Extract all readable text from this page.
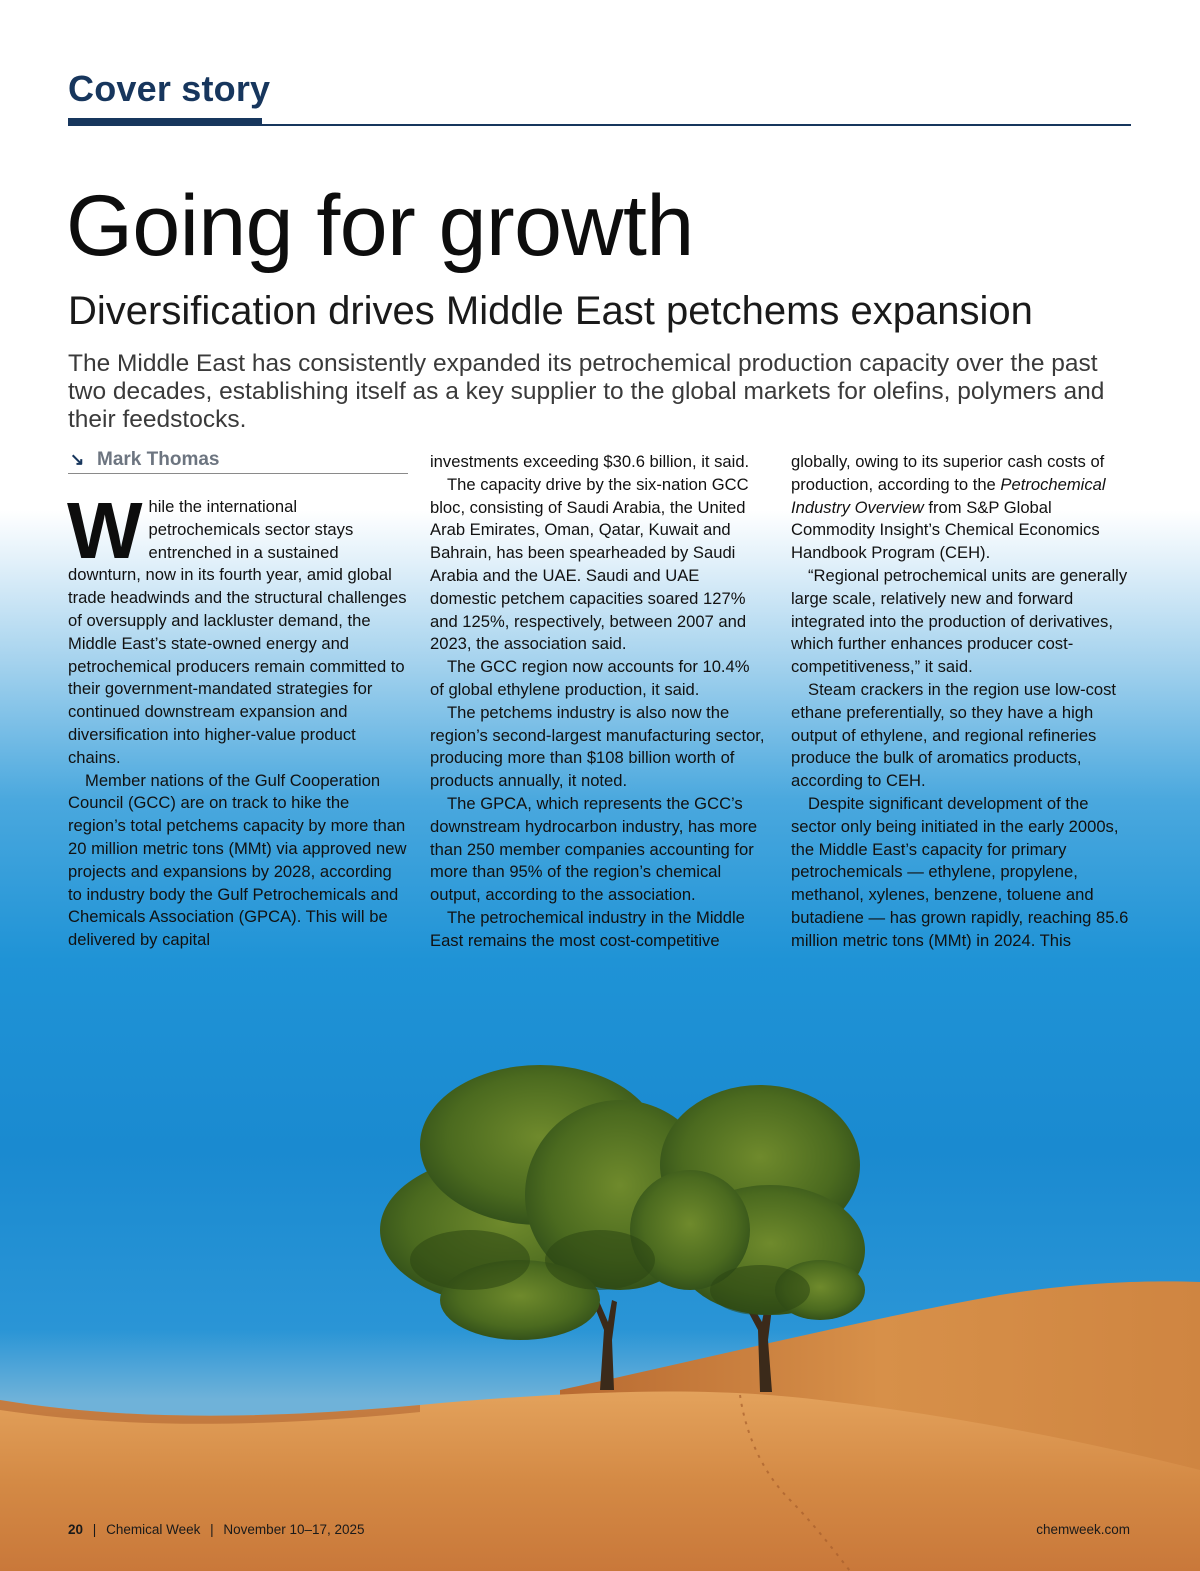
Cover story
Going for growth
Diversification drives Middle East petchems expansion

The Middle East has consistently expanded its petrochemical production capacity over the past two decades, establishing itself as a key supplier to the global markets for olefins, polymers and their feedstocks.

↘ Mark Thomas

While the international petrochemicals sector stays entrenched in a sustained downturn, now in its fourth year, amid global trade headwinds and the structural challenges of oversupply and lackluster demand, the Middle East’s state-owned energy and petrochemical producers remain committed to their government-mandated strategies for continued downstream expansion and diversification into higher-value product chains.

Member nations of the Gulf Cooperation Council (GCC) are on track to hike the region’s total petchems capacity by more than 20 million metric tons (MMt) via approved new projects and expansions by 2028, according to industry body the Gulf Petrochemicals and Chemicals Association (GPCA). This will be delivered by capital

investments exceeding $30.6 billion, it said.

The capacity drive by the six-nation GCC bloc, consisting of Saudi Arabia, the United Arab Emirates, Oman, Qatar, Kuwait and Bahrain, has been spearheaded by Saudi Arabia and the UAE. Saudi and UAE domestic petchem capacities soared 127% and 125%, respectively, between 2007 and 2023, the association said.

The GCC region now accounts for 10.4% of global ethylene production, it said.

The petchems industry is also now the region’s second-largest manufacturing sector, producing more than $108 billion worth of products annually, it noted.

The GPCA, which represents the GCC’s downstream hydrocarbon industry, has more than 250 member companies accounting for more than 95% of the region’s chemical output, according to the association.

The petrochemical industry in the Middle East remains the most cost-competitive

globally, owing to its superior cash costs of production, according to the Petrochemical Industry Overview from S&P Global Commodity Insight’s Chemical Economics Handbook Program (CEH).

“Regional petrochemical units are generally large scale, relatively new and forward integrated into the production of derivatives, which further enhances producer cost-competitiveness,” it said.

Steam crackers in the region use low-cost ethane preferentially, so they have a high output of ethylene, and regional refineries produce the bulk of aromatics products, according to CEH.

Despite significant development of the sector only being initiated in the early 2000s, the Middle East’s capacity for primary petrochemicals — ethylene, propylene, methanol, xylenes, benzene, toluene and butadiene — has grown rapidly, reaching 85.6 million metric tons (MMt) in 2024. This

20 | Chemical Week | November 10–17, 2025	chemweek.com
